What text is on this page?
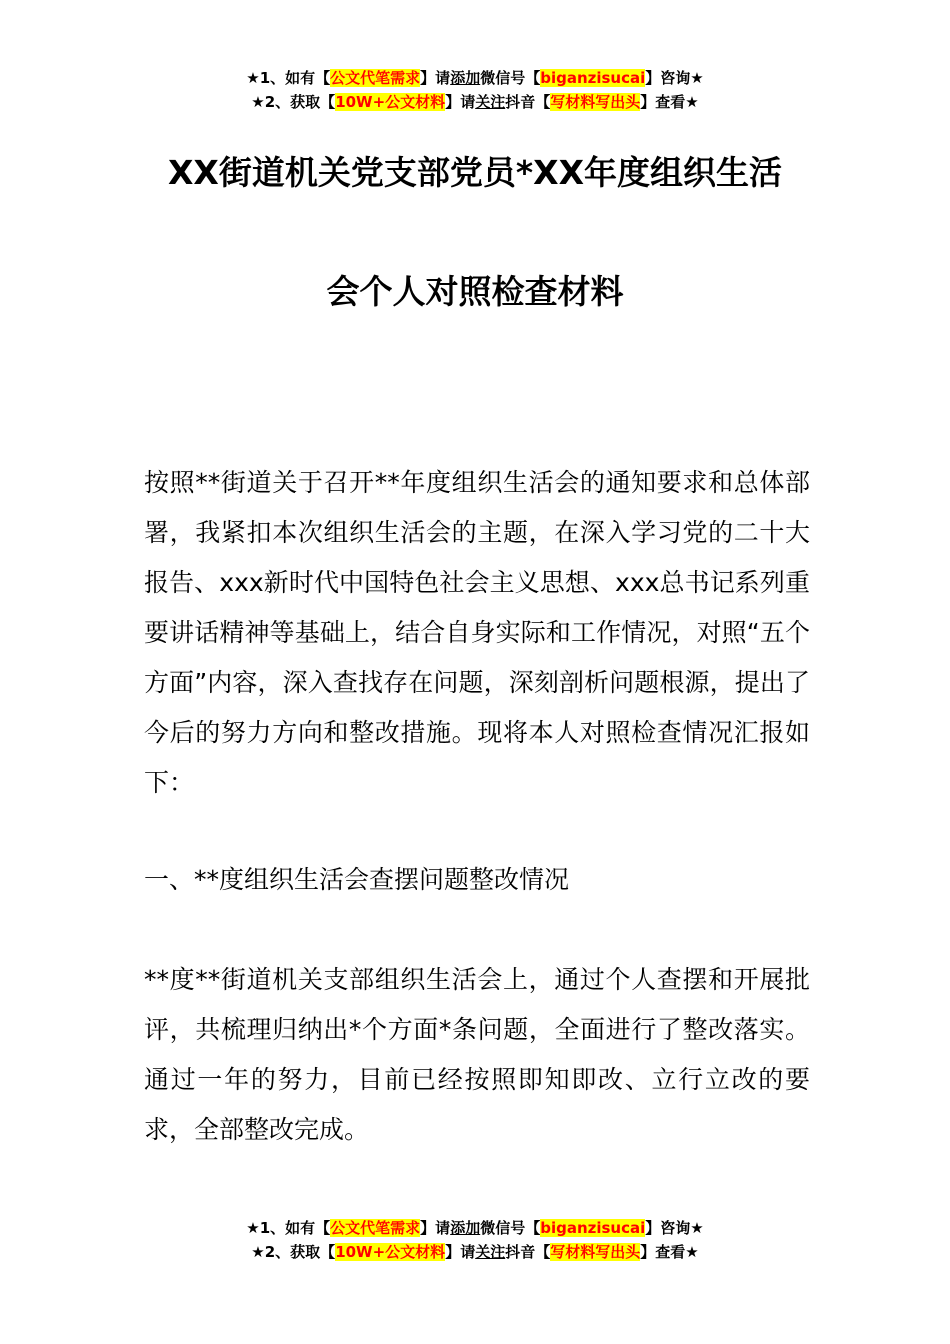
★1、如有【公文代笔需求】请添加微信号【biganzisucai】咨询★
★2、获取【10W+公文材料】请关注抖音【写材料写出头】查看★
XX街道机关党支部党员*XX年度组织生活
会个人对照检查材料

按照**街道关于召开**年度组织生活会的通知要求和总体部署，我紧扣本次组织生活会的主题，在深入学习党的二十大报告、xxx新时代中国特色社会主义思想、xxx总书记系列重要讲话精神等基础上，结合自身实际和工作情况，对照“五个方面”内容，深入查找存在问题，深刻剖析问题根源，提出了今后的努力方向和整改措施。现将本人对照检查情况汇报如下：

一、**度组织生活会查摆问题整改情况

**度**街道机关支部组织生活会上，通过个人查摆和开展批评，共梳理归纳出*个方面*条问题，全面进行了整改落实。通过一年的努力，目前已经按照即知即改、立行立改的要求，全部整改完成。

★1、如有【公文代笔需求】请添加微信号【biganzisucai】咨询★
★2、获取【10W+公文材料】请关注抖音【写材料写出头】查看★
